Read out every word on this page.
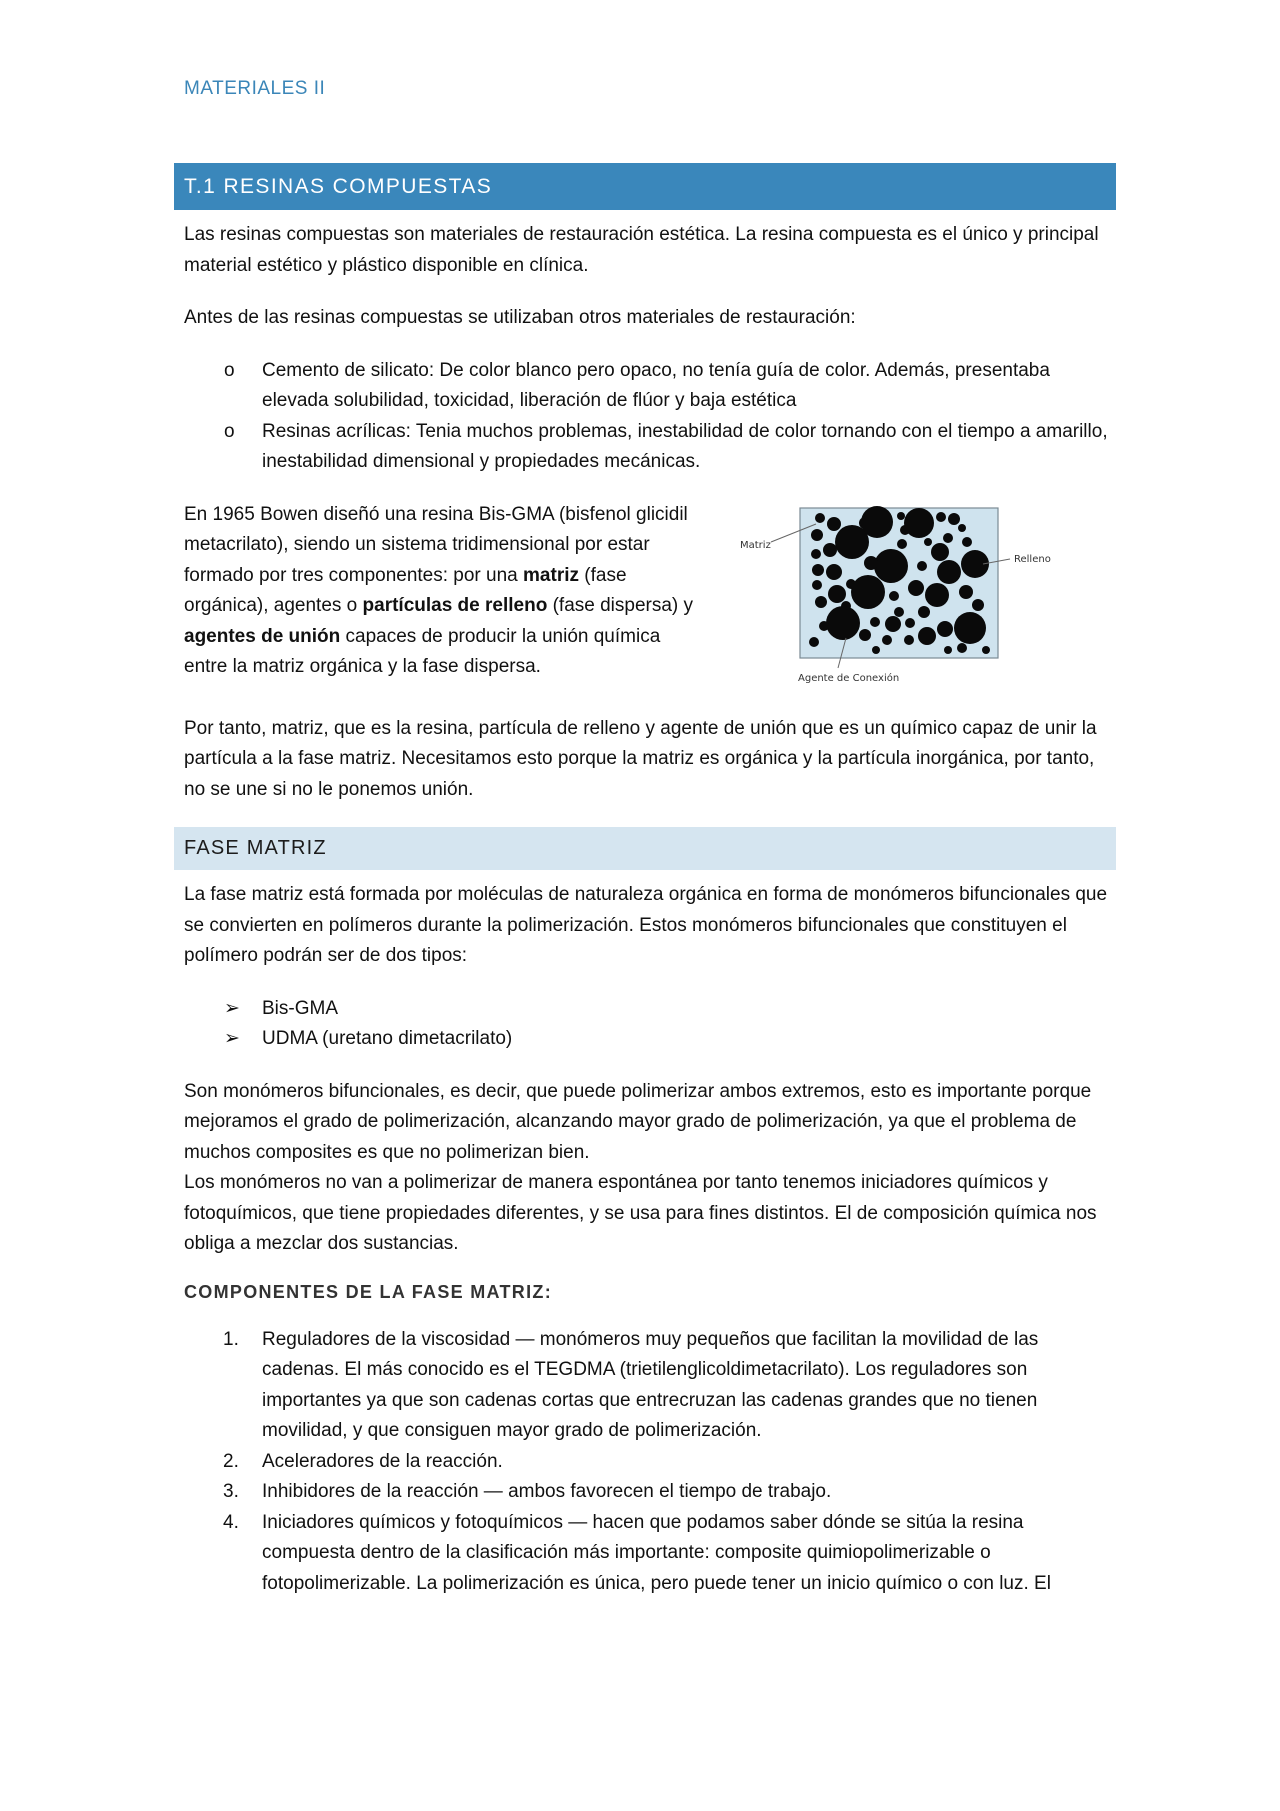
MATERIALES II
T.1 RESINAS COMPUESTAS

Las resinas compuestas son materiales de restauración estética. La resina compuesta es el único y principal material estético y plástico disponible en clínica.

Antes de las resinas compuestas se utilizaban otros materiales de restauración:

o	Cemento de silicato: De color blanco pero opaco, no tenía guía de color. Además, presentaba elevada solubilidad, toxicidad, liberación de flúor y baja estética
o	Resinas acrílicas: Tenia muchos problemas, inestabilidad de color tornando con el tiempo a amarillo, inestabilidad dimensional y propiedades mecánicas.

En 1965 Bowen diseñó una resina Bis-GMA (bisfenol glicidil metacrilato), siendo un sistema tridimensional por estar formado por tres componentes: por una matriz (fase orgánica), agentes o partículas de relleno (fase dispersa) y agentes de unión capaces de producir la unión química entre la matriz orgánica y la fase dispersa.

Matriz
Relleno
Agente de Conexión

Por tanto, matriz, que es la resina, partícula de relleno y agente de unión que es un químico capaz de unir la partícula a la fase matriz. Necesitamos esto porque la matriz es orgánica y la partícula inorgánica, por tanto, no se une si no le ponemos unión.

FASE MATRIZ

La fase matriz está formada por moléculas de naturaleza orgánica en forma de monómeros bifuncionales que se convierten en polímeros durante la polimerización. Estos monómeros bifuncionales que constituyen el polímero podrán ser de dos tipos:

➢	Bis-GMA
➢	UDMA (uretano dimetacrilato)

Son monómeros bifuncionales, es decir, que puede polimerizar ambos extremos, esto es importante porque mejoramos el grado de polimerización, alcanzando mayor grado de polimerización, ya que el problema de muchos composites es que no polimerizan bien.

Los monómeros no van a polimerizar de manera espontánea por tanto tenemos iniciadores químicos y fotoquímicos, que tiene propiedades diferentes, y se usa para fines distintos. El de composición química nos obliga a mezclar dos sustancias.

COMPONENTES DE LA FASE MATRIZ:
1.	Reguladores de la viscosidad — monómeros muy pequeños que facilitan la movilidad de las cadenas. El más conocido es el TEGDMA (trietilenglicoldimetacrilato). Los reguladores son importantes ya que son cadenas cortas que entrecruzan las cadenas grandes que no tienen movilidad, y que consiguen mayor grado de polimerización.
2.	Aceleradores de la reacción.
3.	Inhibidores de la reacción — ambos favorecen el tiempo de trabajo.
4.	Iniciadores químicos y fotoquímicos — hacen que podamos saber dónde se sitúa la resina compuesta dentro de la clasificación más importante: composite quimiopolimerizable o fotopolimerizable. La polimerización es única, pero puede tener un inicio químico o con luz. El
